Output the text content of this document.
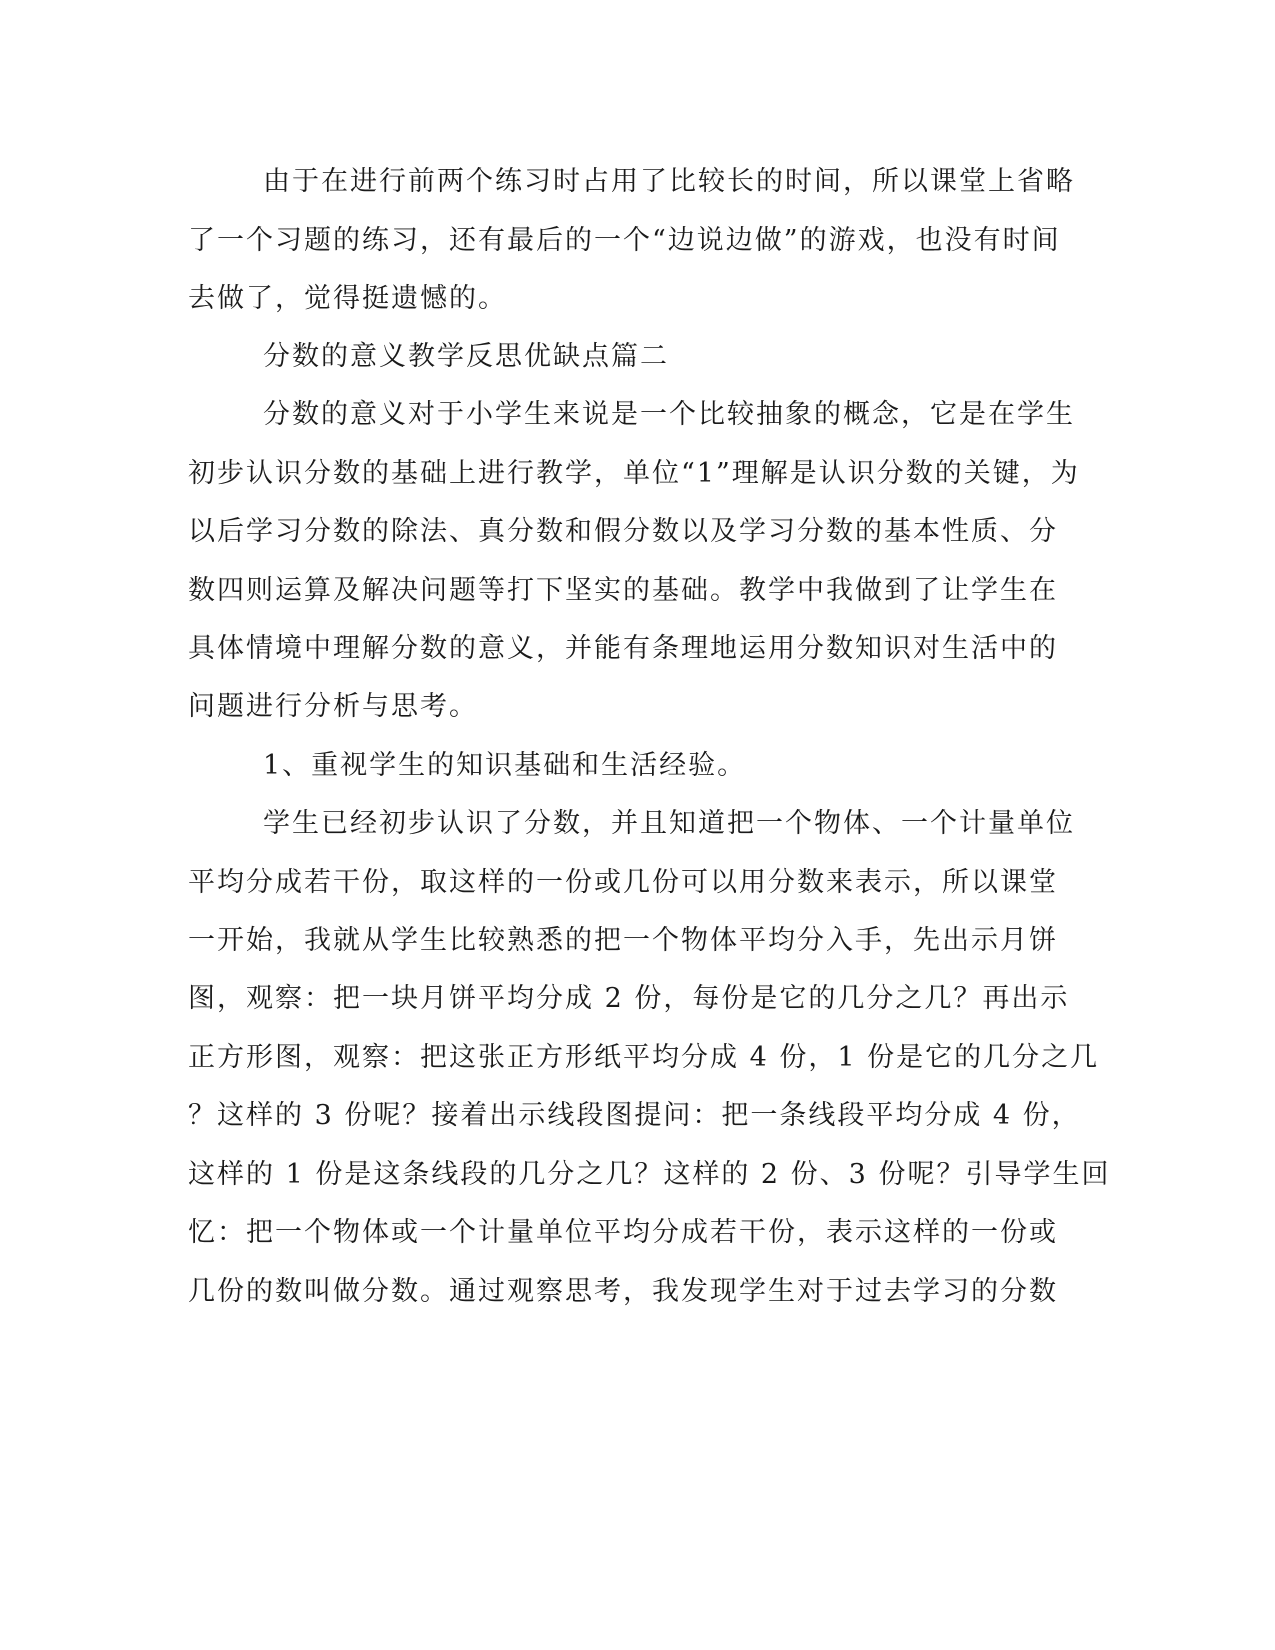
由于在进行前两个练习时占用了比较长的时间，所以课堂上省略
了一个习题的练习，还有最后的一个“边说边做”的游戏，也没有时间
去做了，觉得挺遗憾的。
分数的意义教学反思优缺点篇二
分数的意义对于小学生来说是一个比较抽象的概念，它是在学生
初步认识分数的基础上进行教学，单位“1”理解是认识分数的关键，为
以后学习分数的除法、真分数和假分数以及学习分数的基本性质、分
数四则运算及解决问题等打下坚实的基础。教学中我做到了让学生在
具体情境中理解分数的意义，并能有条理地运用分数知识对生活中的
问题进行分析与思考。
1、重视学生的知识基础和生活经验。
学生已经初步认识了分数，并且知道把一个物体、一个计量单位
平均分成若干份，取这样的一份或几份可以用分数来表示，所以课堂
一开始，我就从学生比较熟悉的把一个物体平均分入手，先出示月饼
图，观察：把一块月饼平均分成 2 份，每份是它的几分之几？再出示
正方形图，观察：把这张正方形纸平均分成 4 份，1 份是它的几分之几
？这样的 3 份呢？接着出示线段图提问：把一条线段平均分成 4 份，
这样的 1 份是这条线段的几分之几？这样的 2 份、3 份呢？引导学生回
忆：把一个物体或一个计量单位平均分成若干份，表示这样的一份或
几份的数叫做分数。通过观察思考，我发现学生对于过去学习的分数
